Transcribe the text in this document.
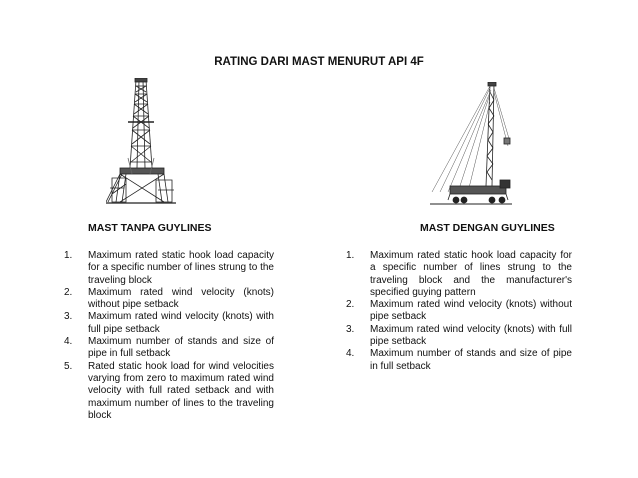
RATING DARI MAST MENURUT API 4F
MAST TANPA GUYLINES	MAST DENGAN GUYLINES
1.	Maximum rated static hook load capacity for a specific number of lines strung to the traveling block
2.	Maximum rated wind velocity (knots) without pipe setback
3.	Maximum rated wind velocity (knots) with full pipe setback
4.	Maximum number of stands and size of pipe in full setback
5.	Rated static hook load for wind velocities varying from zero to maximum rated wind velocity with full rated setback and with maximum number of lines to the traveling block
1.	Maximum rated static hook load capacity for a specific number of lines strung to the traveling block and the manufacturer's specified guying pattern
2.	Maximum rated wind velocity (knots) without pipe setback
3.	Maximum rated wind velocity (knots) with full pipe setback
4.	Maximum number of stands and size of pipe in full setback
